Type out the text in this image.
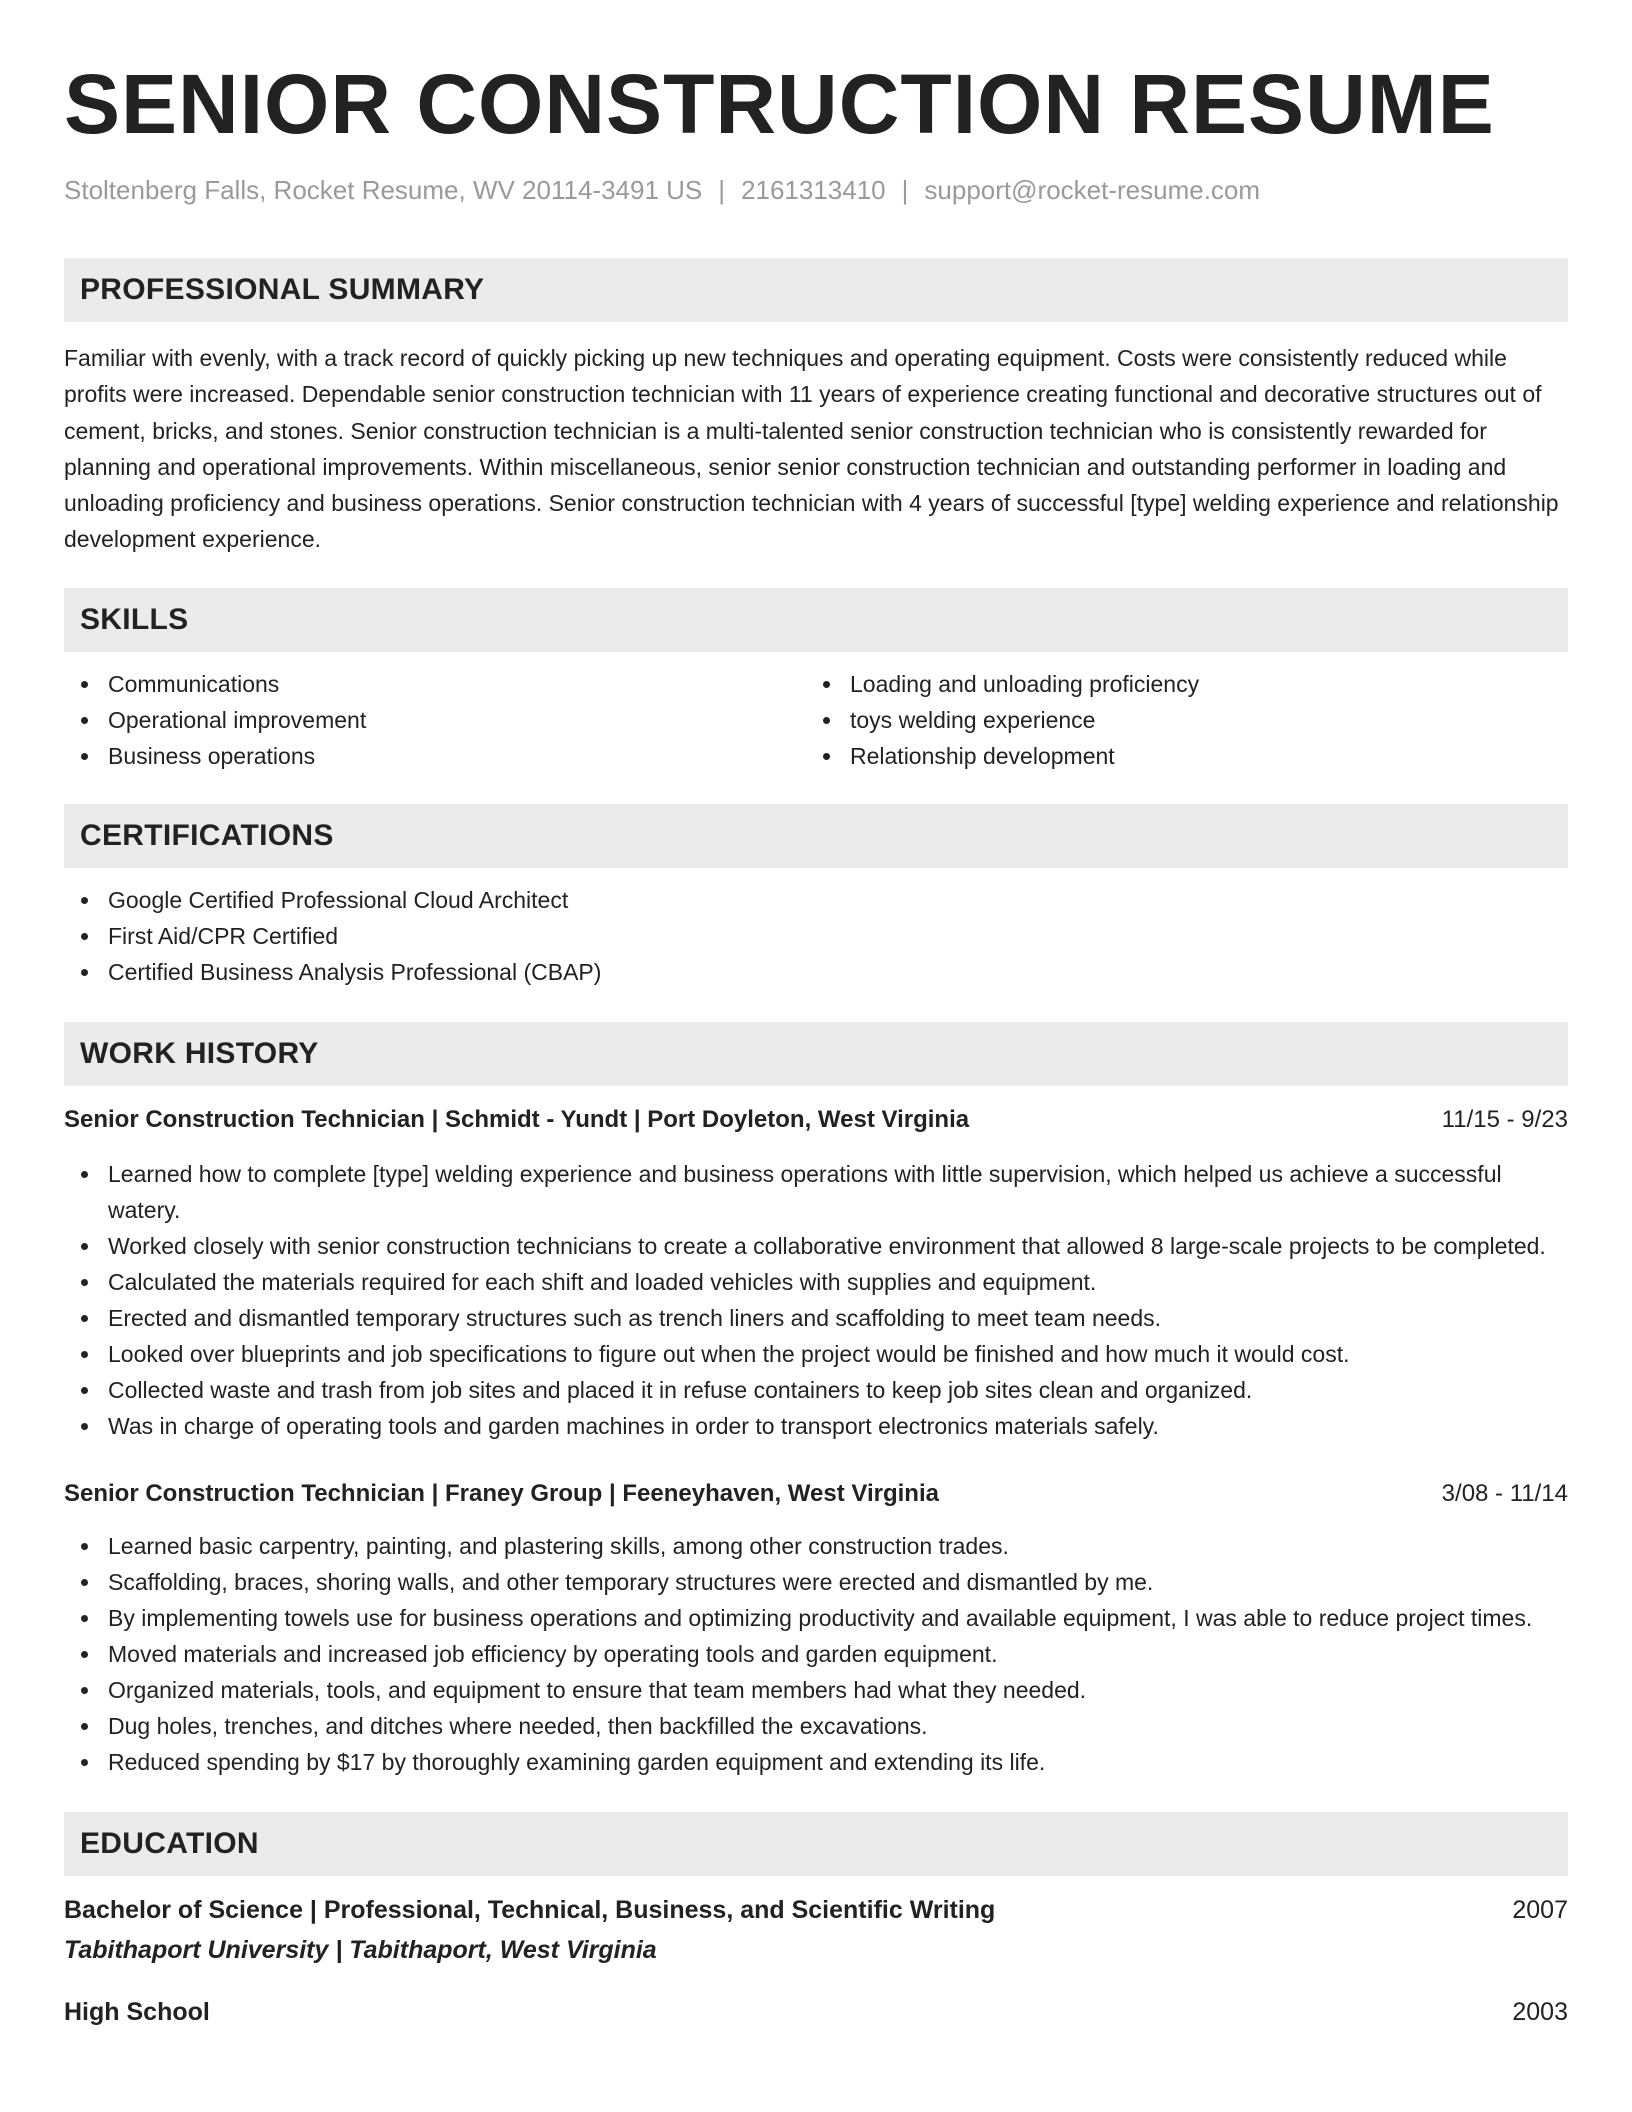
SENIOR CONSTRUCTION RESUME
Stoltenberg Falls, Rocket Resume, WV 20114-3491 US | 2161313410 | support@rocket-resume.com
PROFESSIONAL SUMMARY

Familiar with evenly, with a track record of quickly picking up new techniques and operating equipment. Costs were consistently reduced while profits were increased. Dependable senior construction technician with 11 years of experience creating functional and decorative structures out of cement, bricks, and stones. Senior construction technician is a multi-talented senior construction technician who is consistently rewarded for planning and operational improvements. Within miscellaneous, senior senior construction technician and outstanding performer in loading and unloading proficiency and business operations. Senior construction technician with 4 years of successful [type] welding experience and relationship development experience.

SKILLS
Communications
Operational improvement
Business operations
Loading and unloading proficiency
toys welding experience
Relationship development
CERTIFICATIONS
Google Certified Professional Cloud Architect
First Aid/CPR Certified
Certified Business Analysis Professional (CBAP)
WORK HISTORY
Senior Construction Technician | Schmidt - Yundt | Port Doyleton, West Virginia	11/15 - 9/23
Learned how to complete [type] welding experience and business operations with little supervision, which helped us achieve a successful watery.
Worked closely with senior construction technicians to create a collaborative environment that allowed 8 large-scale projects to be completed.
Calculated the materials required for each shift and loaded vehicles with supplies and equipment.
Erected and dismantled temporary structures such as trench liners and scaffolding to meet team needs.
Looked over blueprints and job specifications to figure out when the project would be finished and how much it would cost.
Collected waste and trash from job sites and placed it in refuse containers to keep job sites clean and organized.
Was in charge of operating tools and garden machines in order to transport electronics materials safely.
Senior Construction Technician | Franey Group | Feeneyhaven, West Virginia	3/08 - 11/14
Learned basic carpentry, painting, and plastering skills, among other construction trades.
Scaffolding, braces, shoring walls, and other temporary structures were erected and dismantled by me.
By implementing towels use for business operations and optimizing productivity and available equipment, I was able to reduce project times.
Moved materials and increased job efficiency by operating tools and garden equipment.
Organized materials, tools, and equipment to ensure that team members had what they needed.
Dug holes, trenches, and ditches where needed, then backfilled the excavations.
Reduced spending by $17 by thoroughly examining garden equipment and extending its life.
EDUCATION
Bachelor of Science | Professional, Technical, Business, and Scientific Writing	2007
Tabithaport University | Tabithaport, West Virginia
High School	2003
